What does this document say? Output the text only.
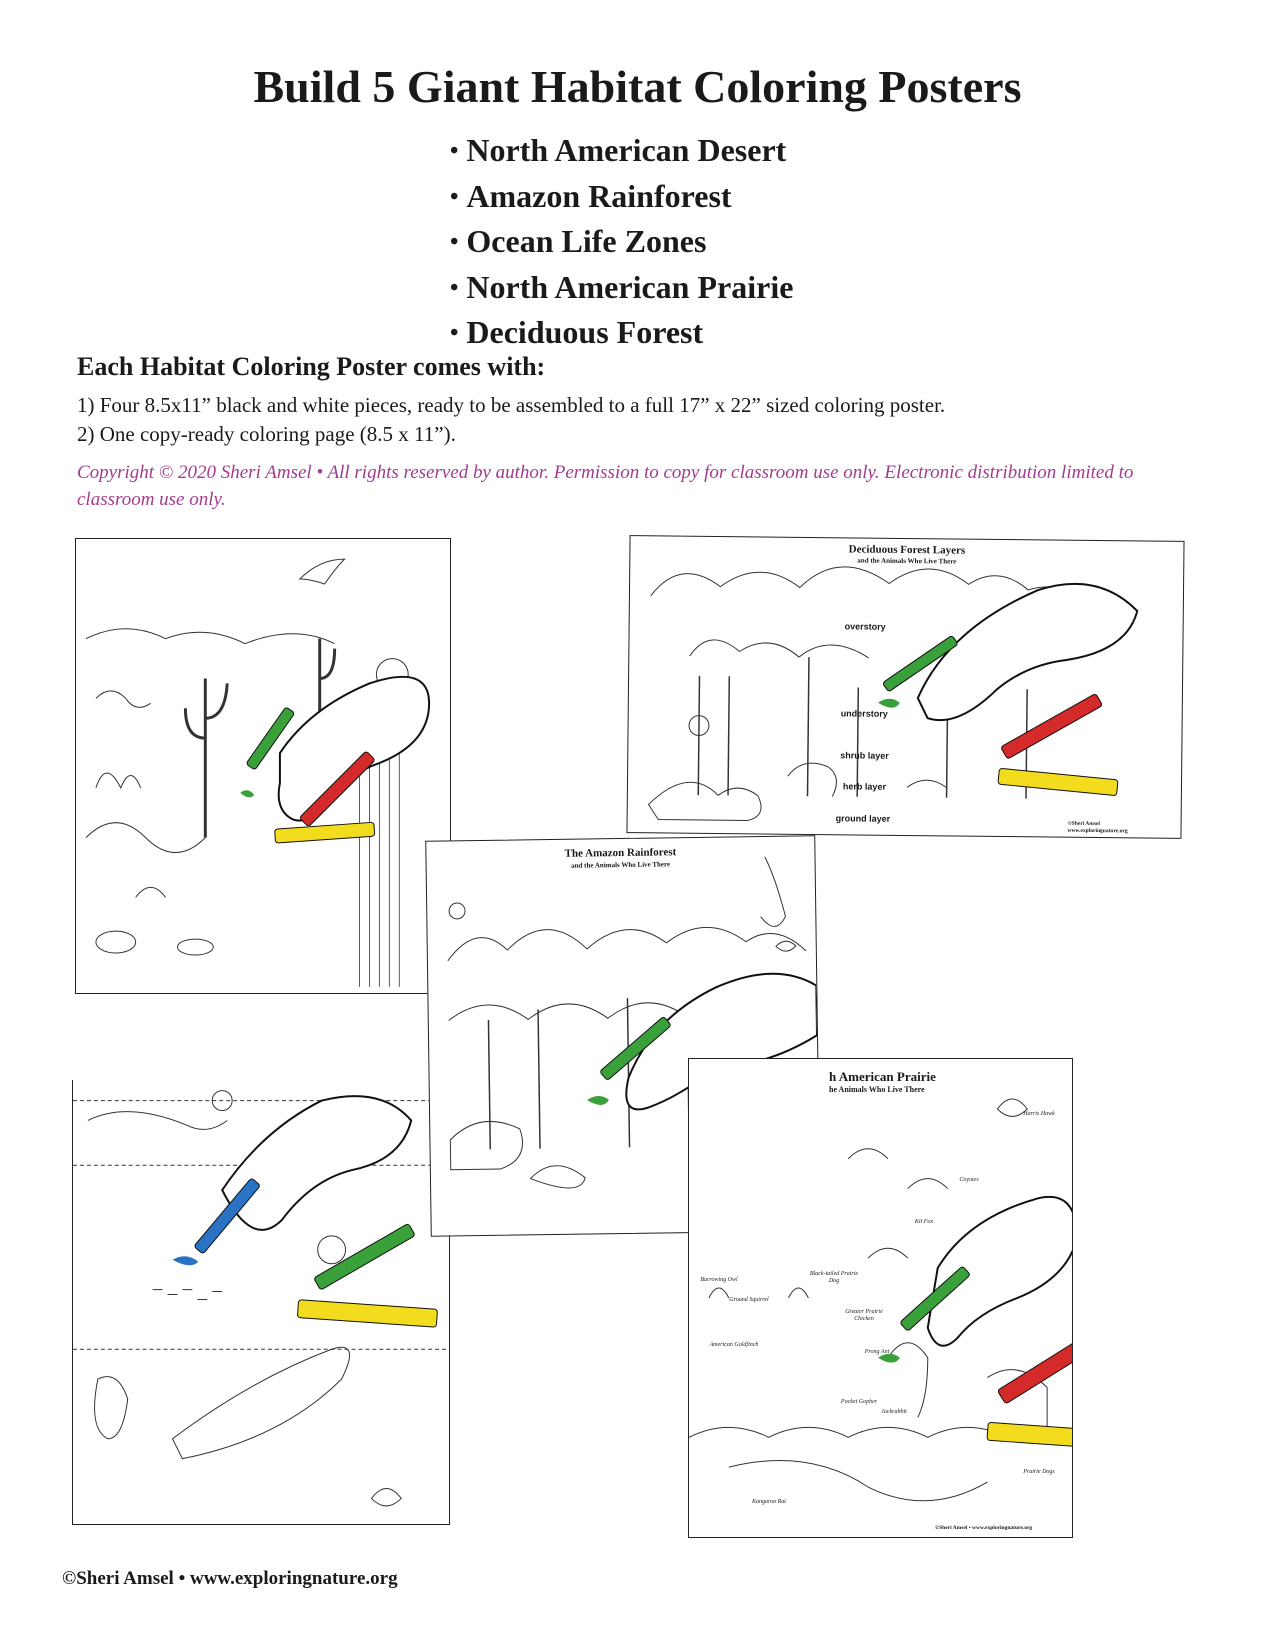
Build 5 Giant Habitat Coloring Posters
• North American Desert
• Amazon Rainforest
• Ocean Life Zones
• North American Prairie
• Deciduous Forest
Each Habitat Coloring Poster comes with:
1) Four 8.5x11” black and white pieces, ready to be assembled to a full 17” x 22” sized coloring poster.
2) One copy-ready coloring page (8.5 x 11”).
Copyright © 2020 Sheri Amsel • All rights reserved by author. Permission to copy for classroom use only. Electronic distribution limited to classroom use only.
Deciduous Forest Layers
and the Animals Who Live There
overstory
understory
shrub layer
herb layer
ground layer
©Sheri Amsel
www.exploringnature.org
The Amazon Rainforest
and the Animals Who Live There
h American Prairie
he Animals Who Live There
Harris Hawk
Coyotes
Kit Fox
Burrowing Owl
Black-tailed Prairie Dog
Ground Squirrel
Greater Prairie Chicken
American Goldfinch
Prong Ant
Pocket Gopher
Jackrabbit
Kangaroo Rat
Prairie Dogs
©Sheri Amsel • www.exploringnature.org
©Sheri Amsel • www.exploringnature.org
